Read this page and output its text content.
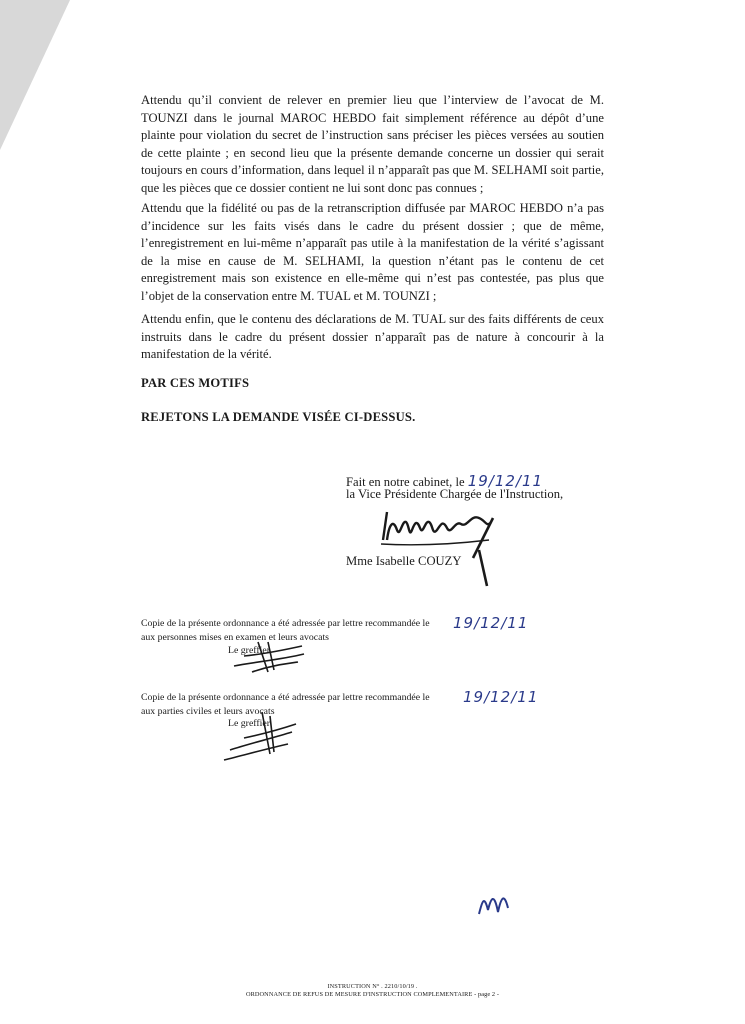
Attendu qu’il convient de relever en premier lieu que l’interview de l’avocat de M. TOUNZI dans le journal MAROC HEBDO fait simplement référence au dépôt d’une plainte pour violation du secret de l’instruction sans préciser les pièces versées au soutien de cette plainte ; en second lieu que la présente demande concerne un dossier qui serait toujours en cours d’information, dans lequel il n’apparaît pas que M. SELHAMI soit partie, que les pièces que ce dossier contient ne lui sont donc pas connues ;

Attendu que la fidélité ou pas de la retranscription diffusée par MAROC HEBDO n’a pas d’incidence sur les faits visés dans le cadre du présent dossier ; que de même, l’enregistrement en lui-même n’apparaît pas utile à la manifestation de la vérité s’agissant de la mise en cause de M. SELHAMI, la question n’étant pas le contenu de cet enregistrement mais son existence en elle-même qui n’est pas contestée, pas plus que l’objet de la conservation entre M. TUAL et M. TOUNZI ;

Attendu enfin, que le contenu des déclarations de M. TUAL sur des faits différents de ceux instruits dans le cadre du présent dossier n’apparaît pas de nature à concourir à la manifestation de la vérité.

PAR CES MOTIFS

REJETONS LA DEMANDE VISÉE CI-DESSUS.

Fait en notre cabinet, le 19/12/11

la Vice Présidente Chargée de l'Instruction,

Mme Isabelle COUZY

Copie de la présente ordonnance a été adressée par lettre recommandée le 19/12/11

aux personnes mises en examen et leurs avocats

Le greffier

Copie de la présente ordonnance a été adressée par lettre recommandée le 19/12/11

aux parties civiles et leurs avocats

Le greffier

INSTRUCTION N° . 2210/10/19 .

ORDONNANCE DE REFUS DE MESURE D'INSTRUCTION COMPLEMENTAIRE - page 2 -
